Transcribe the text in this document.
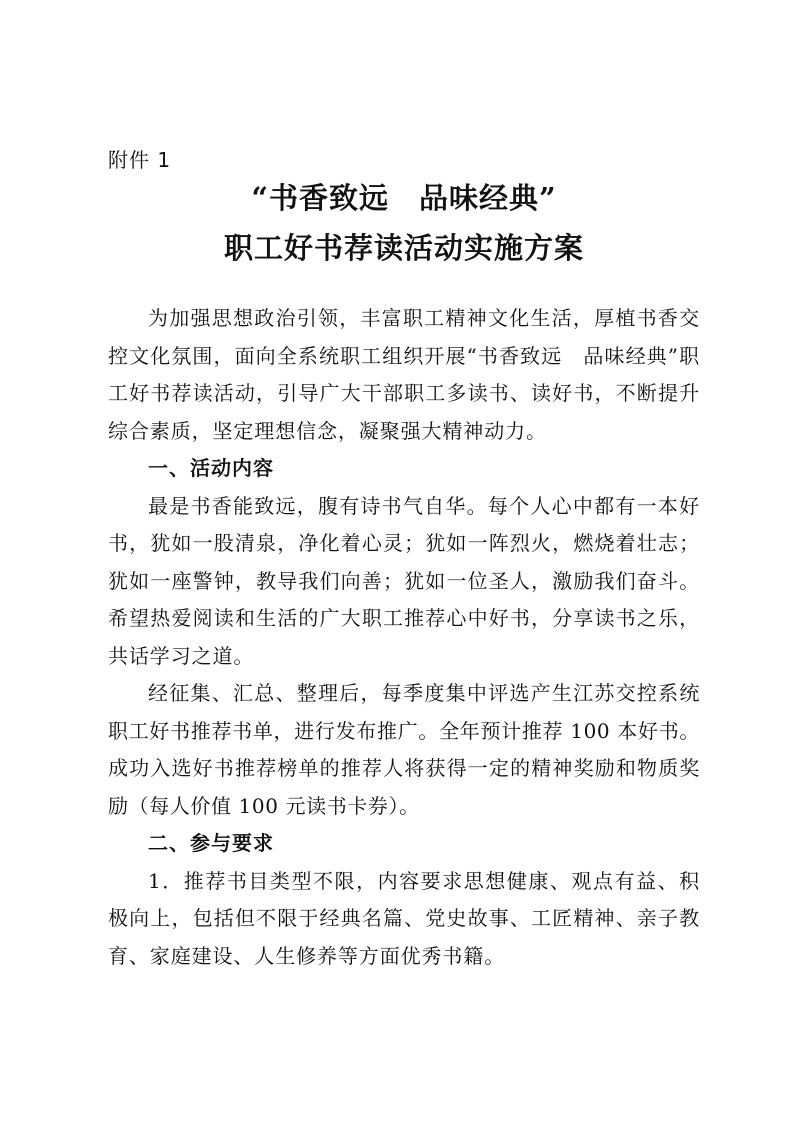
附件 1
“书香致远　品味经典”
职工好书荐读活动实施方案

为加强思想政治引领，丰富职工精神文化生活，厚植书香交控文化氛围，面向全系统职工组织开展“书香致远　品味经典”职工好书荐读活动，引导广大干部职工多读书、读好书，不断提升综合素质，坚定理想信念，凝聚强大精神动力。

一、活动内容

最是书香能致远，腹有诗书气自华。每个人心中都有一本好书，犹如一股清泉，净化着心灵；犹如一阵烈火，燃烧着壮志；犹如一座警钟，教导我们向善；犹如一位圣人，激励我们奋斗。希望热爱阅读和生活的广大职工推荐心中好书，分享读书之乐，共话学习之道。

经征集、汇总、整理后，每季度集中评选产生江苏交控系统职工好书推荐书单，进行发布推广。全年预计推荐 100 本好书。成功入选好书推荐榜单的推荐人将获得一定的精神奖励和物质奖励（每人价值 100 元读书卡券）。

二、参与要求

1．推荐书目类型不限，内容要求思想健康、观点有益、积极向上，包括但不限于经典名篇、党史故事、工匠精神、亲子教育、家庭建设、人生修养等方面优秀书籍。
